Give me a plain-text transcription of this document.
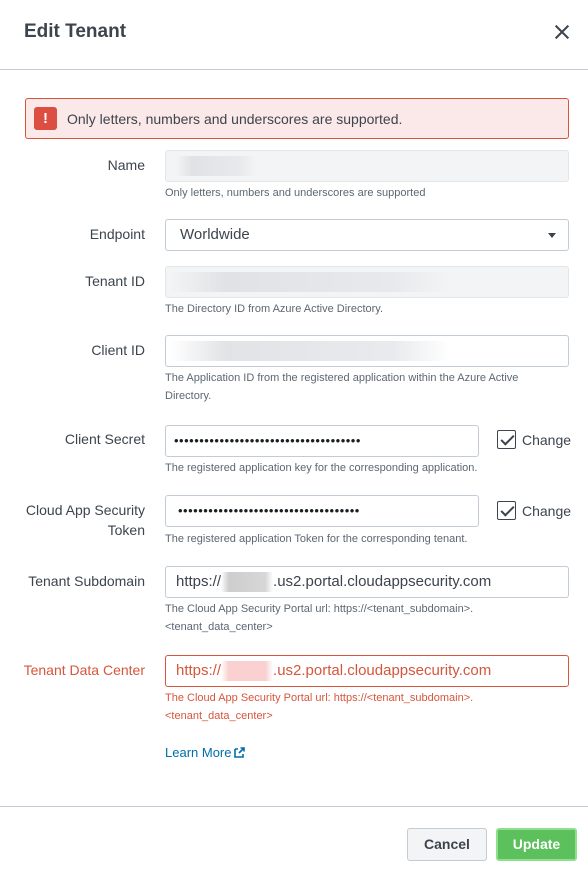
Edit Tenant
!	Only letters, numbers and underscores are supported.
Name
Only letters, numbers and underscores are supported
Endpoint	Worldwide
Tenant ID
The Directory ID from Azure Active Directory.
Client ID
The Application ID from the registered application within the Azure Active Directory.
Client Secret	•••••••••••••••••••••••••••••••••••••	Change
The registered application key for the corresponding application.
Cloud App Security
Token
••••••••••••••••••••••••••••••••••••	Change
The registered application Token for the corresponding tenant.
Tenant Subdomain	https://	.us2.portal.cloudappsecurity.com
The Cloud App Security Portal url: https://<tenant_subdomain>.
<tenant_data_center>
Tenant Data Center	https://	.us2.portal.cloudappsecurity.com
The Cloud App Security Portal url: https://<tenant_subdomain>.
<tenant_data_center>
Learn More
Cancel	Update
